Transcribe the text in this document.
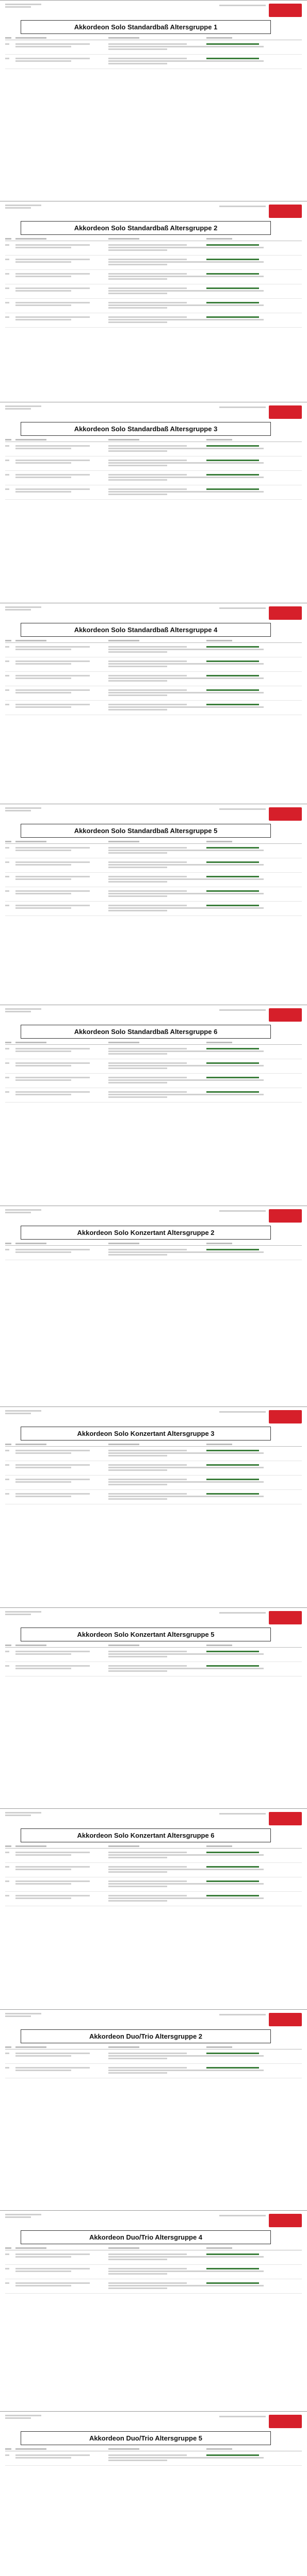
Akkordeon Solo Standardbaß Altersgruppe 1
Akkordeon Solo Standardbaß Altersgruppe 2
Akkordeon Solo Standardbaß Altersgruppe 3
Akkordeon Solo Standardbaß Altersgruppe 4
Akkordeon Solo Standardbaß Altersgruppe 5
Akkordeon Solo Standardbaß Altersgruppe 6
Akkordeon Solo Konzertant Altersgruppe 2
Akkordeon Solo Konzertant Altersgruppe 3
Akkordeon Solo Konzertant Altersgruppe 5
Akkordeon Solo Konzertant Altersgruppe 6
Akkordeon Duo/Trio Altersgruppe 2
Akkordeon Duo/Trio Altersgruppe 4
Akkordeon Duo/Trio Altersgruppe 5
